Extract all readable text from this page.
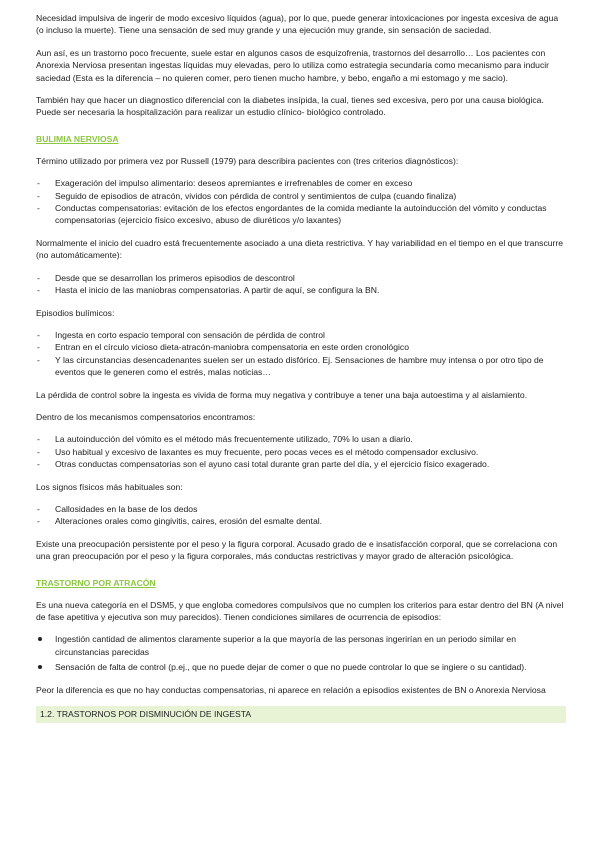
Necesidad impulsiva de ingerir de modo excesivo líquidos (agua), por lo que, puede generar intoxicaciones por ingesta excesiva de agua (o incluso la muerte). Tiene una sensación de sed muy grande y una ejecución muy grande, sin sensación de saciedad.

Aun así, es un trastorno poco frecuente, suele estar en algunos casos de esquizofrenia, trastornos del desarrollo… Los pacientes con Anorexia Nerviosa presentan ingestas líquidas muy elevadas, pero lo utiliza como estrategia secundaria como mecanismo para inducir saciedad (Esta es la diferencia – no quieren comer, pero tienen mucho hambre, y bebo, engaño a mi estomago y me sacio).

También hay que hacer un diagnostico diferencial con la diabetes insípida, la cual, tienes sed excesiva, pero por una causa biológica. Puede ser necesaria la hospitalización para realizar un estudio clínico- biológico controlado.

BULIMIA NERVIOSA

Término utilizado por primera vez por Russell (1979) para describira pacientes con (tres criterios diagnósticos):

- Exageración del impulso alimentario: deseos apremiantes e irrefrenables de comer en exceso
- Seguido de episodios de atracón, vividos con pérdida de control y sentimientos de culpa (cuando finaliza)
- Conductas compensatorias: evitación de los efectos engordantes de la comida mediante la autoinducción del vómito y conductas compensatorias (ejercicio físico excesivo, abuso de diuréticos y/o laxantes)

Normalmente el inicio del cuadro está frecuentemente asociado a una dieta restrictiva. Y hay variabilidad en el tiempo en el que transcurre (no automáticamente):

- Desde que se desarrollan los primeros episodios de descontrol
- Hasta el inicio de las maniobras compensatorias. A partir de aquí, se configura la BN.

Episodios bulímicos:

- Ingesta en corto espacio temporal con sensación de pérdida de control
- Entran en el círculo vicioso dieta-atracón-maniobra compensatoria en este orden cronológico
- Y las circunstancias desencadenantes suelen ser un estado disfórico. Ej. Sensaciones de hambre muy intensa o por otro tipo de eventos que le generen como el estrés, malas noticias…

La pérdida de control sobre la ingesta es vivida de forma muy negativa y contribuye a tener una baja autoestima y al aislamiento.

Dentro de los mecanismos compensatorios encontramos:

- La autoinducción del vómito es el método más frecuentemente utilizado, 70% lo usan a diario.
- Uso habitual y excesivo de laxantes es muy frecuente, pero pocas veces es el método compensador exclusivo.
- Otras conductas compensatorias son el ayuno casi total durante gran parte del día, y el ejercicio físico exagerado.

Los signos físicos más habituales son:

- Callosidades en la base de los dedos
- Alteraciones orales como gingivitis, caires, erosión del esmalte dental.

Existe una preocupación persistente por el peso y la figura corporal. Acusado grado de e insatisfacción corporal, que se correlaciona con una gran preocupación por el peso y la figura corporales, más conductas restrictivas y mayor grado de alteración psicológica.

TRASTORNO POR ATRACÓN

Es una nueva categoría en el DSM5, y que engloba comedores compulsivos que no cumplen los criterios para estar dentro del BN (A nivel de fase apetitiva y ejecutiva son muy parecidos). Tienen condiciones similares de ocurrencia de episodios:

Ingestión cantidad de alimentos claramente superior a la que mayoría de las personas ingerirían en un periodo similar en circunstancias parecidas
Sensación de falta de control (p.ej., que no puede dejar de comer o que no puede controlar lo que se ingiere o su cantidad).

Peor la diferencia es que no hay conductas compensatorias, ni aparece en relación a episodios existentes de BN o Anorexia Nerviosa

1.2. TRASTORNOS POR DISMINUCIÓN DE INGESTA
